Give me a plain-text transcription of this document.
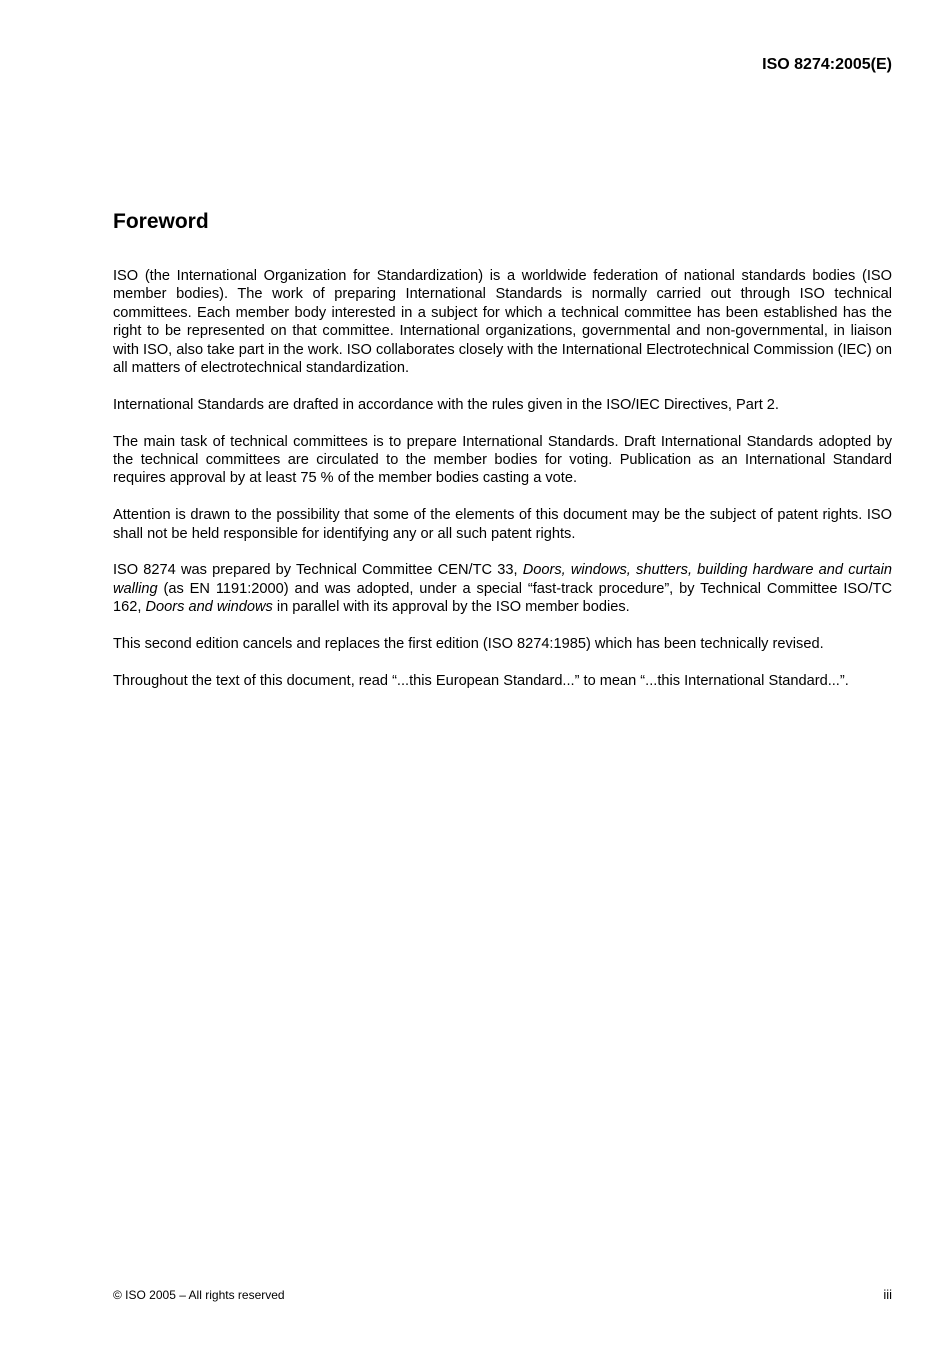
ISO 8274:2005(E)

Foreword

ISO (the International Organization for Standardization) is a worldwide federation of national standards bodies (ISO member bodies). The work of preparing International Standards is normally carried out through ISO technical committees. Each member body interested in a subject for which a technical committee has been established has the right to be represented on that committee. International organizations, governmental and non-governmental, in liaison with ISO, also take part in the work. ISO collaborates closely with the International Electrotechnical Commission (IEC) on all matters of electrotechnical standardization.

International Standards are drafted in accordance with the rules given in the ISO/IEC Directives, Part 2.

The main task of technical committees is to prepare International Standards. Draft International Standards adopted by the technical committees are circulated to the member bodies for voting. Publication as an International Standard requires approval by at least 75 % of the member bodies casting a vote.

Attention is drawn to the possibility that some of the elements of this document may be the subject of patent rights. ISO shall not be held responsible for identifying any or all such patent rights.

ISO 8274 was prepared by Technical Committee CEN/TC 33, Doors, windows, shutters, building hardware and curtain walling (as EN 1191:2000) and was adopted, under a special “fast-track procedure”, by Technical Committee ISO/TC 162, Doors and windows in parallel with its approval by the ISO member bodies.

This second edition cancels and replaces the first edition (ISO 8274:1985) which has been technically revised.

Throughout the text of this document, read “...this European Standard...” to mean “...this International Standard...”.

© ISO 2005 – All rights reserved	iii
